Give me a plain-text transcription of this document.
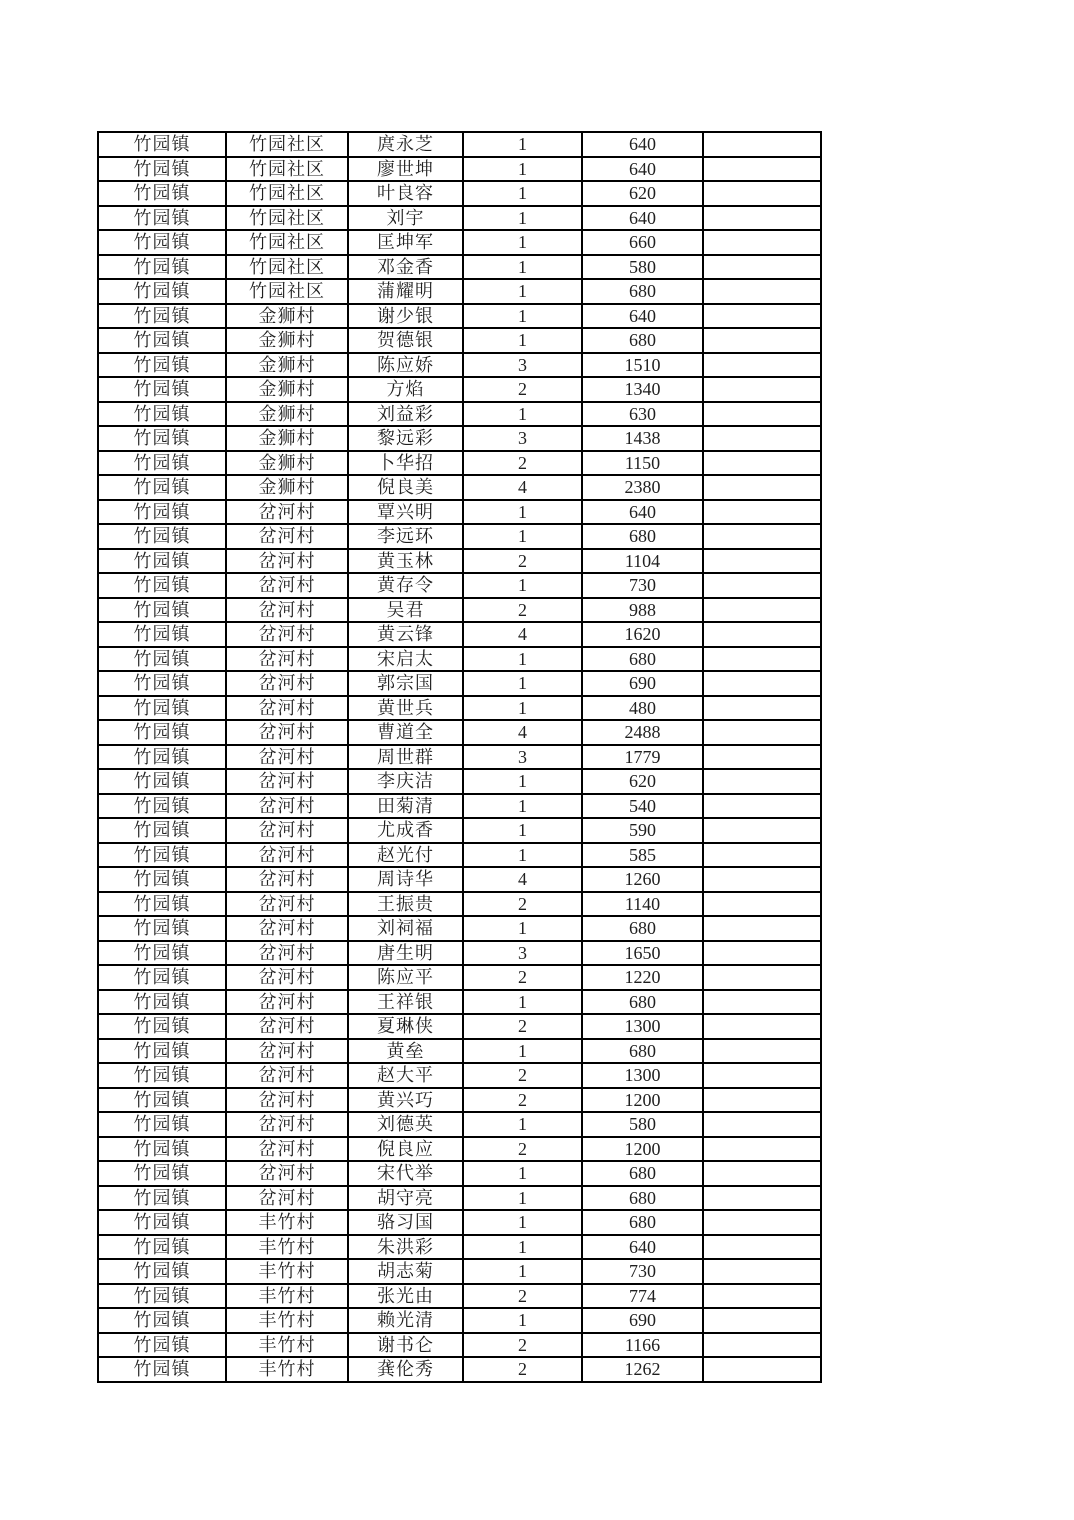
竹园镇	竹园社区	庹永芝	1	640	
竹园镇	竹园社区	廖世坤	1	640	
竹园镇	竹园社区	叶良容	1	620	
竹园镇	竹园社区	刘宇	1	640	
竹园镇	竹园社区	匡坤军	1	660	
竹园镇	竹园社区	邓金香	1	580	
竹园镇	竹园社区	蒲耀明	1	680	
竹园镇	金狮村	谢少银	1	640	
竹园镇	金狮村	贺德银	1	680	
竹园镇	金狮村	陈应娇	3	1510	
竹园镇	金狮村	方焰	2	1340	
竹园镇	金狮村	刘益彩	1	630	
竹园镇	金狮村	黎远彩	3	1438	
竹园镇	金狮村	卜华招	2	1150	
竹园镇	金狮村	倪良美	4	2380	
竹园镇	岔河村	覃兴明	1	640	
竹园镇	岔河村	李远环	1	680	
竹园镇	岔河村	黄玉林	2	1104	
竹园镇	岔河村	黄存令	1	730	
竹园镇	岔河村	吴君	2	988	
竹园镇	岔河村	黄云锋	4	1620	
竹园镇	岔河村	宋启太	1	680	
竹园镇	岔河村	郭宗国	1	690	
竹园镇	岔河村	黄世兵	1	480	
竹园镇	岔河村	曹道全	4	2488	
竹园镇	岔河村	周世群	3	1779	
竹园镇	岔河村	李庆洁	1	620	
竹园镇	岔河村	田菊清	1	540	
竹园镇	岔河村	尤成香	1	590	
竹园镇	岔河村	赵光付	1	585	
竹园镇	岔河村	周诗华	4	1260	
竹园镇	岔河村	王振贵	2	1140	
竹园镇	岔河村	刘祠福	1	680	
竹园镇	岔河村	唐生明	3	1650	
竹园镇	岔河村	陈应平	2	1220	
竹园镇	岔河村	王祥银	1	680	
竹园镇	岔河村	夏琳侠	2	1300	
竹园镇	岔河村	黄垒	1	680	
竹园镇	岔河村	赵大平	2	1300	
竹园镇	岔河村	黄兴巧	2	1200	
竹园镇	岔河村	刘德英	1	580	
竹园镇	岔河村	倪良应	2	1200	
竹园镇	岔河村	宋代举	1	680	
竹园镇	岔河村	胡守亮	1	680	
竹园镇	丰竹村	骆习国	1	680	
竹园镇	丰竹村	朱洪彩	1	640	
竹园镇	丰竹村	胡志菊	1	730	
竹园镇	丰竹村	张光由	2	774	
竹园镇	丰竹村	赖光清	1	690	
竹园镇	丰竹村	谢书仑	2	1166	
竹园镇	丰竹村	龚伦秀	2	1262	
